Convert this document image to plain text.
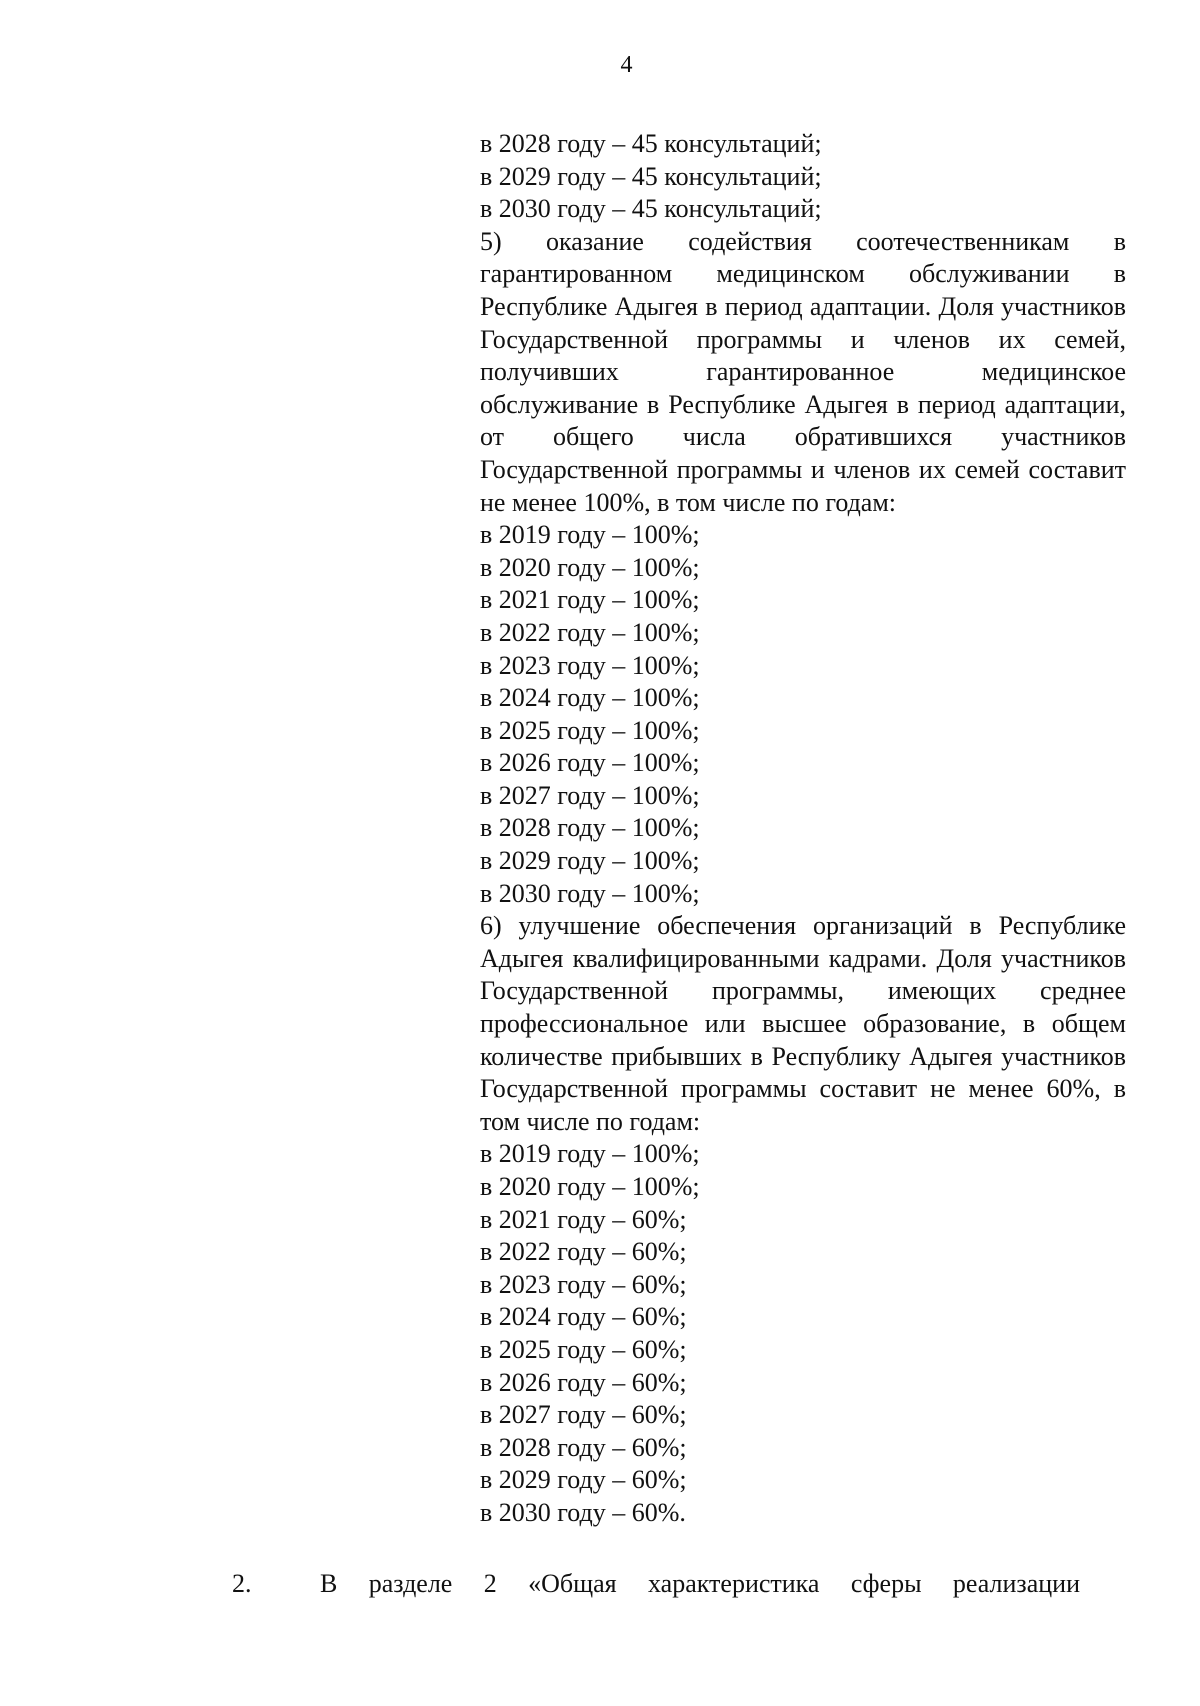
4
в 2028 году – 45 консультаций;
в 2029 году – 45 консультаций;
в 2030 году – 45 консультаций;
5) оказание содействия соотечественникам в гарантированном медицинском обслуживании в Республике Адыгея в период адаптации. Доля участников Государственной программы и членов их семей, получивших гарантированное медицинское обслуживание в Республике Адыгея в период адаптации, от общего числа обратившихся участников Государственной программы и членов их семей составит не менее 100%, в том числе по годам:
в 2019 году – 100%;
в 2020 году – 100%;
в 2021 году – 100%;
в 2022 году – 100%;
в 2023 году – 100%;
в 2024 году – 100%;
в 2025 году – 100%;
в 2026 году – 100%;
в 2027 году – 100%;
в 2028 году – 100%;
в 2029 году – 100%;
в 2030 году – 100%;
6) улучшение обеспечения организаций в Республике Адыгея квалифицированными кадрами. Доля участников Государственной программы, имеющих среднее профессиональное или высшее образование, в общем количестве прибывших в Республику Адыгея участников Государственной программы составит не менее 60%, в том числе по годам:
в 2019 году – 100%;
в 2020 году – 100%;
в 2021 году – 60%;
в 2022 году – 60%;
в 2023 году – 60%;
в 2024 году – 60%;
в 2025 году – 60%;
в 2026 году – 60%;
в 2027 году – 60%;
в 2028 году – 60%;
в 2029 году – 60%;
в 2030 году – 60%.
2.	В разделе 2 «Общая характеристика сферы реализации
